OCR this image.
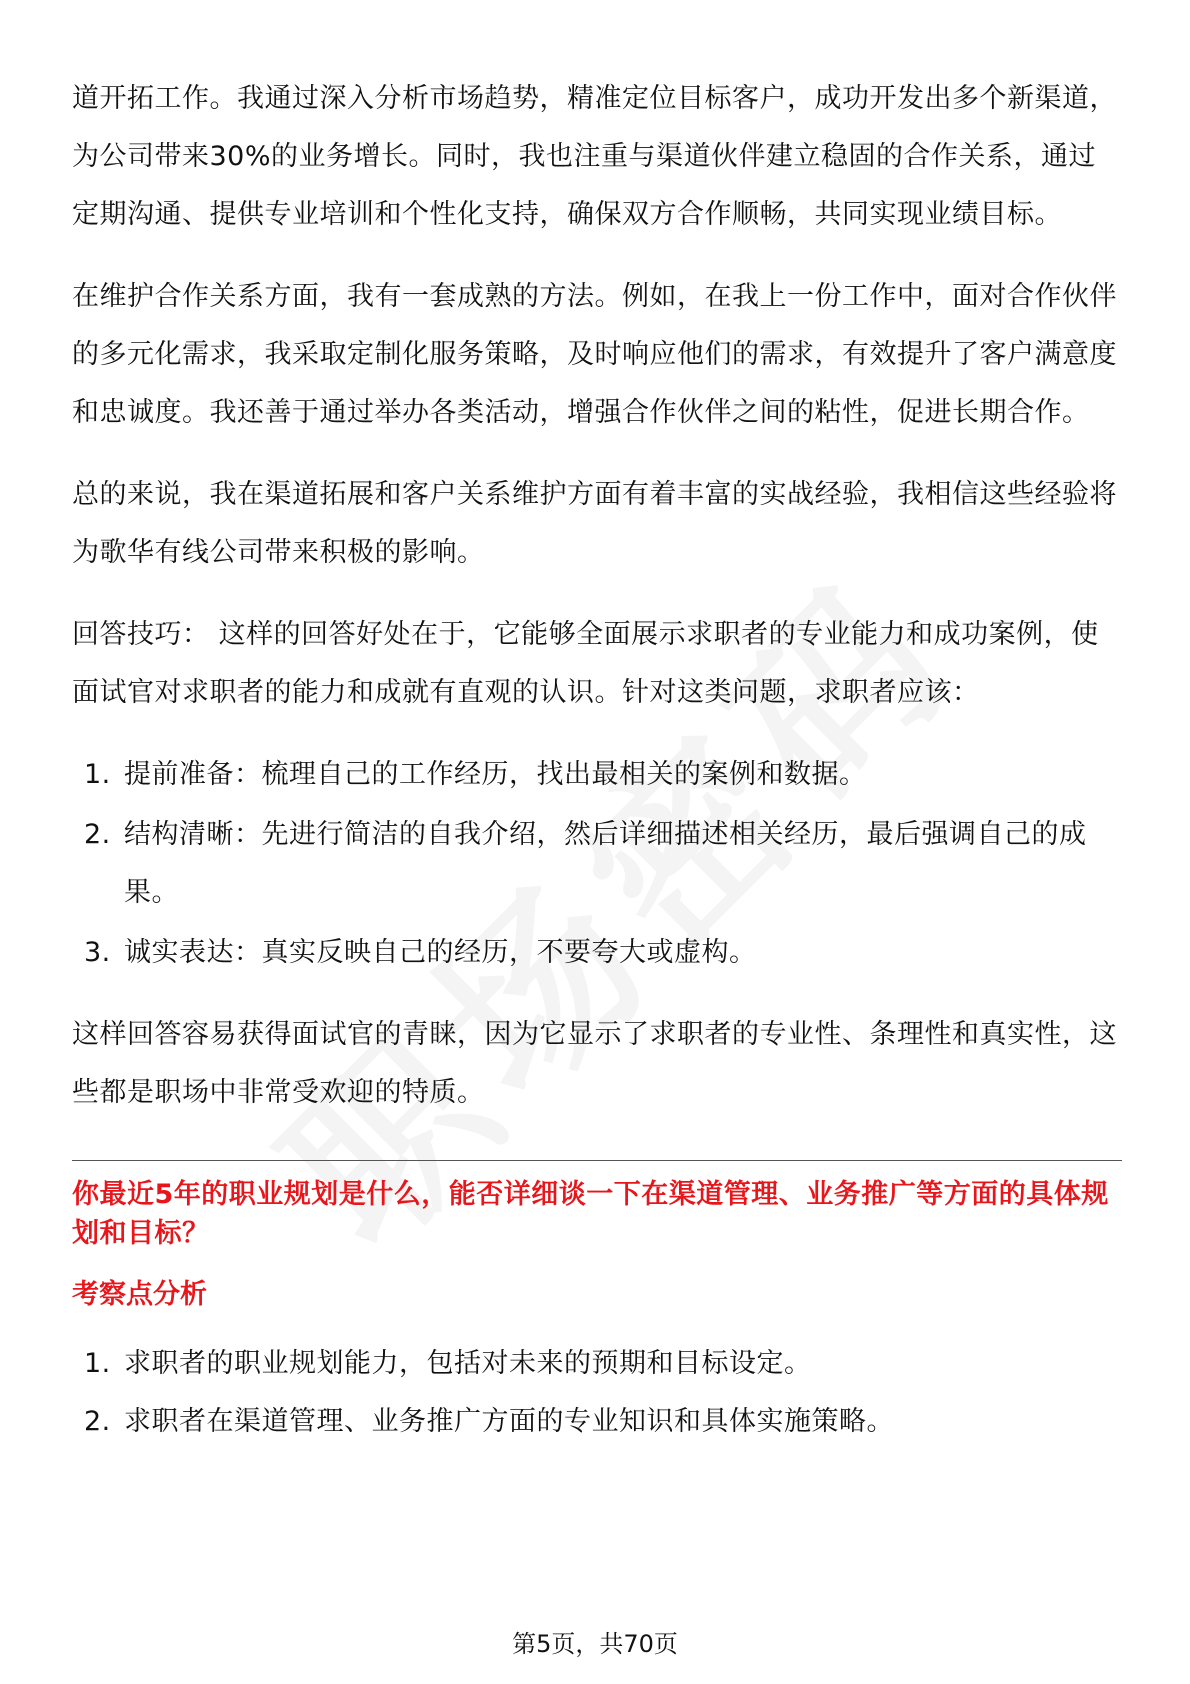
道开拓工作。我通过深入分析市场趋势，精准定位目标客户，成功开发出多个新渠道，为公司带来30%的业务增长。同时，我也注重与渠道伙伴建立稳固的合作关系，通过定期沟通、提供专业培训和个性化支持，确保双方合作顺畅，共同实现业绩目标。

在维护合作关系方面，我有一套成熟的方法。例如，在我上一份工作中，面对合作伙伴的多元化需求，我采取定制化服务策略，及时响应他们的需求，有效提升了客户满意度和忠诚度。我还善于通过举办各类活动，增强合作伙伴之间的粘性，促进长期合作。

总的来说，我在渠道拓展和客户关系维护方面有着丰富的实战经验，我相信这些经验将为歌华有线公司带来积极的影响。

回答技巧： 这样的回答好处在于，它能够全面展示求职者的专业能力和成功案例，使面试官对求职者的能力和成就有直观的认识。针对这类问题，求职者应该：

1. 提前准备：梳理自己的工作经历，找出最相关的案例和数据。
2. 结构清晰：先进行简洁的自我介绍，然后详细描述相关经历，最后强调自己的成果。
3. 诚实表达：真实反映自己的经历，不要夸大或虚构。

这样回答容易获得面试官的青睐，因为它显示了求职者的专业性、条理性和真实性，这些都是职场中非常受欢迎的特质。

你最近5年的职业规划是什么，能否详细谈一下在渠道管理、业务推广等方面的具体规划和目标？

考察点分析

1. 求职者的职业规划能力，包括对未来的预期和目标设定。
2. 求职者在渠道管理、业务推广方面的专业知识和具体实施策略。
第5页，共70页
